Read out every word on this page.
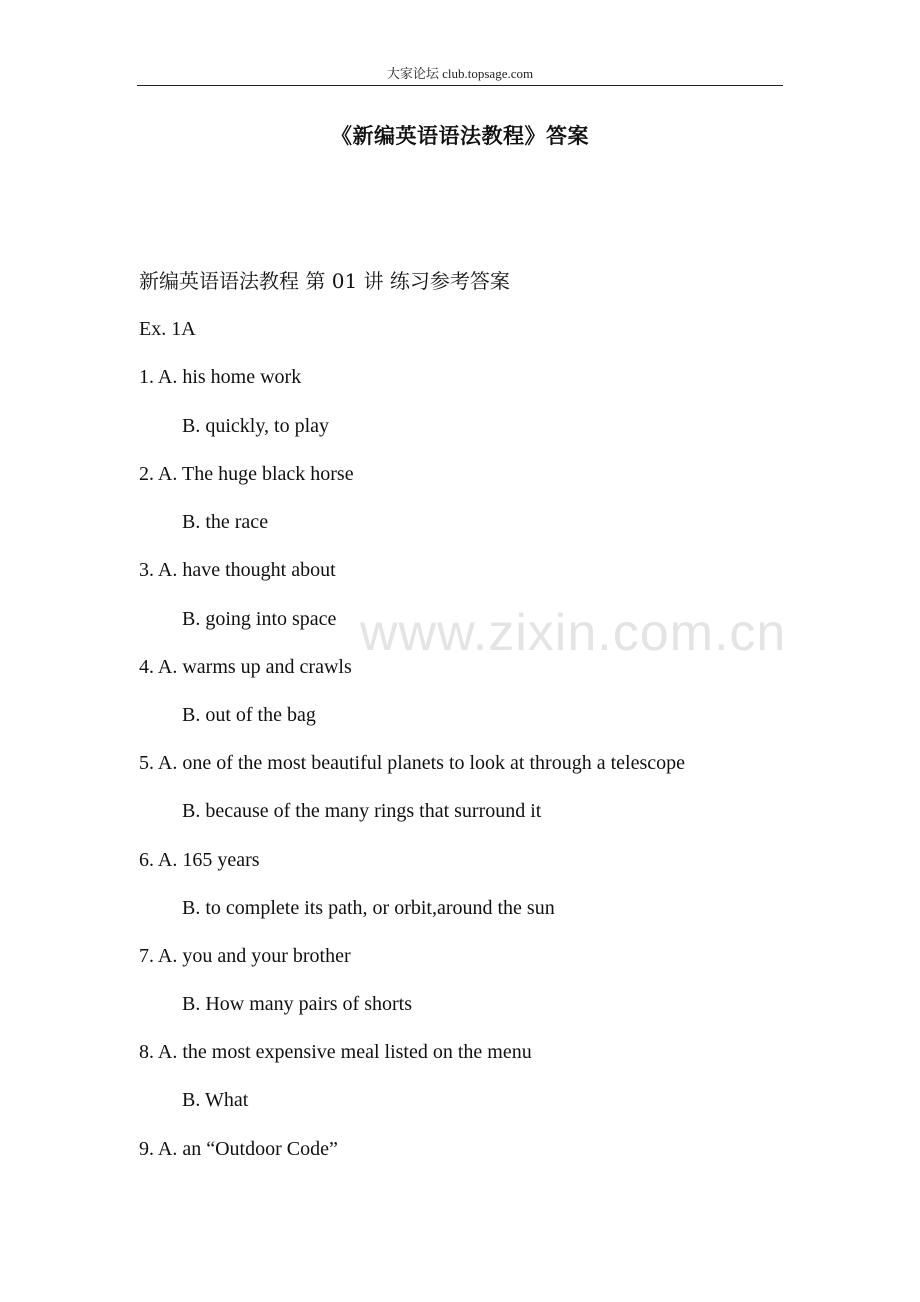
大家论坛 club.topsage.com
《新编英语语法教程》答案
新编英语语法教程 第 01 讲 练习参考答案
Ex. 1A
1. A. his home work
B. quickly, to play
2. A. The huge black horse
B. the race
3. A. have thought about
B. going into space
4. A. warms up and crawls
B. out of the bag
5. A. one of the most beautiful planets to look at through a telescope
B. because of the many rings that surround it
6. A. 165 years
B. to complete its path, or orbit,around the sun
7. A. you and your brother
B. How many pairs of shorts
8. A. the most expensive meal listed on the menu
B. What
9. A. an “Outdoor Code”
www.zixin.com.cn
